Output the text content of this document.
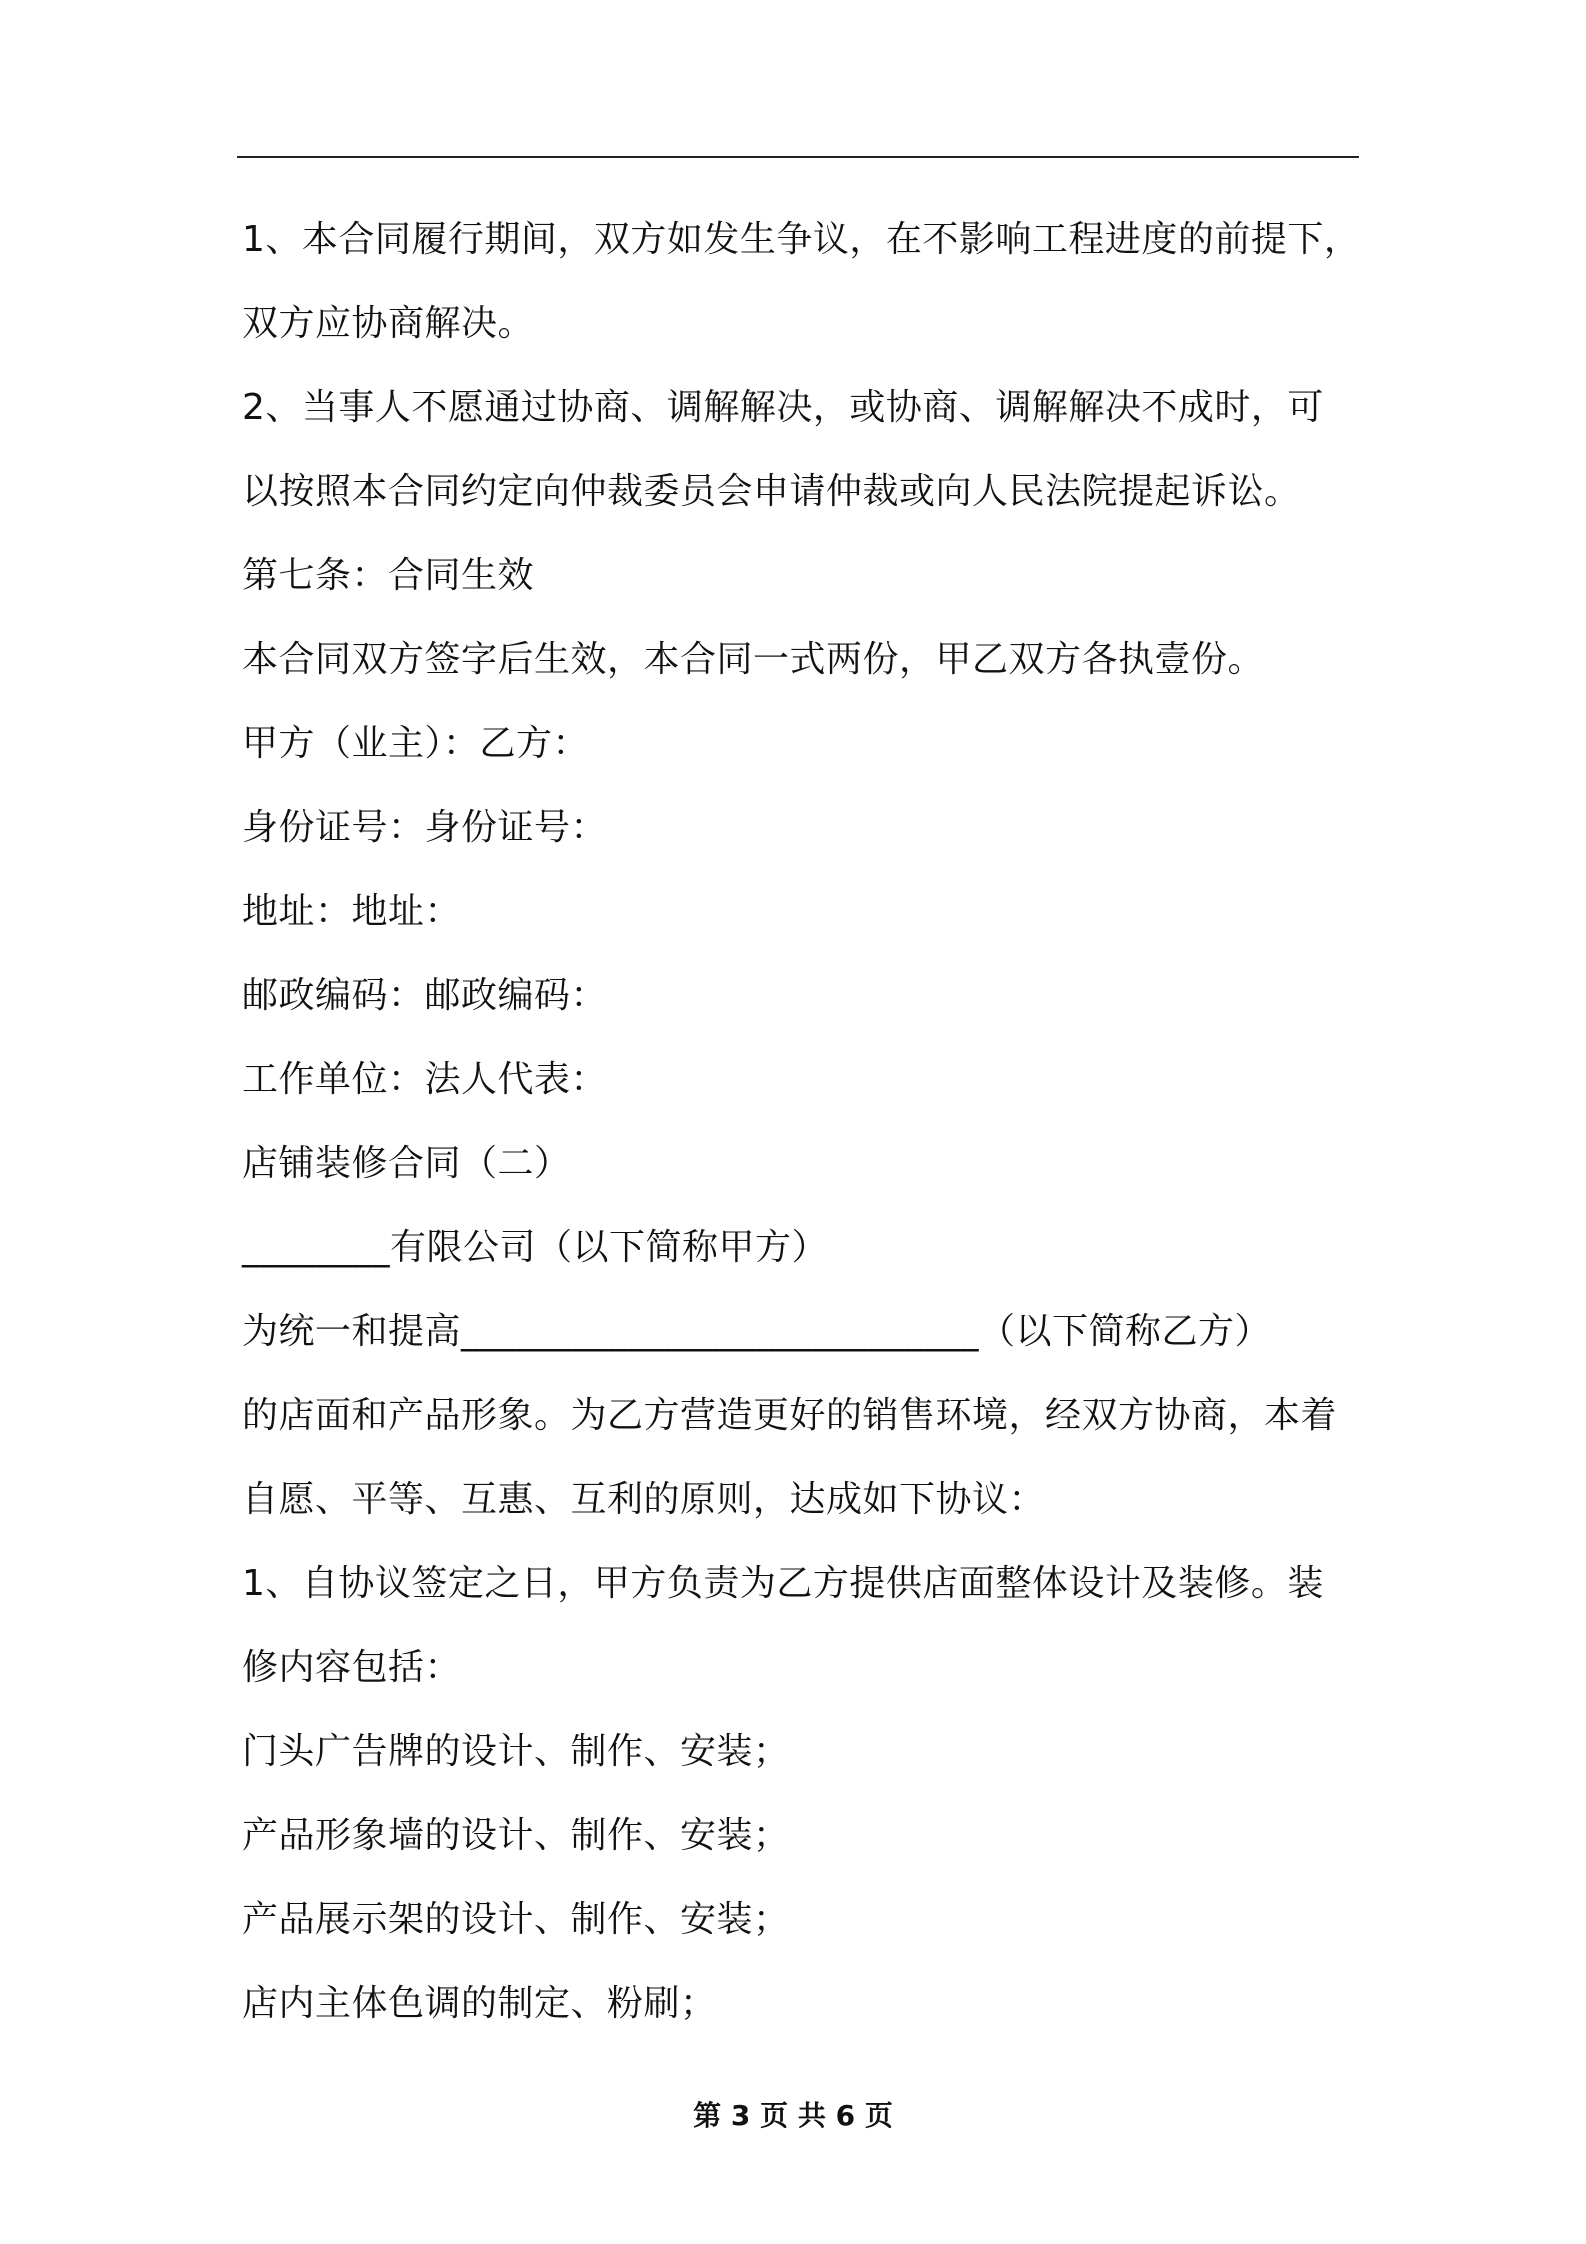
1、本合同履行期间，双方如发生争议，在不影响工程进度的前提下，
双方应协商解决。
2、当事人不愿通过协商、调解解决，或协商、调解解决不成时，可
以按照本合同约定向仲裁委员会申请仲裁或向人民法院提起诉讼。
第七条：合同生效
本合同双方签字后生效，本合同一式两份，甲乙双方各执壹份。
甲方（业主）：乙方：
身份证号：身份证号：
地址：地址：
邮政编码：邮政编码：
工作单位：法人代表：
店铺装修合同（二）
________有限公司（以下简称甲方）
为统一和提高____________________________（以下简称乙方）
的店面和产品形象。为乙方营造更好的销售环境，经双方协商，本着
自愿、平等、互惠、互利的原则，达成如下协议：
1、自协议签定之日，甲方负责为乙方提供店面整体设计及装修。装
修内容包括：
门头广告牌的设计、制作、安装；
产品形象墙的设计、制作、安装；
产品展示架的设计、制作、安装；
店内主体色调的制定、粉刷；
第 3 页 共 6 页
